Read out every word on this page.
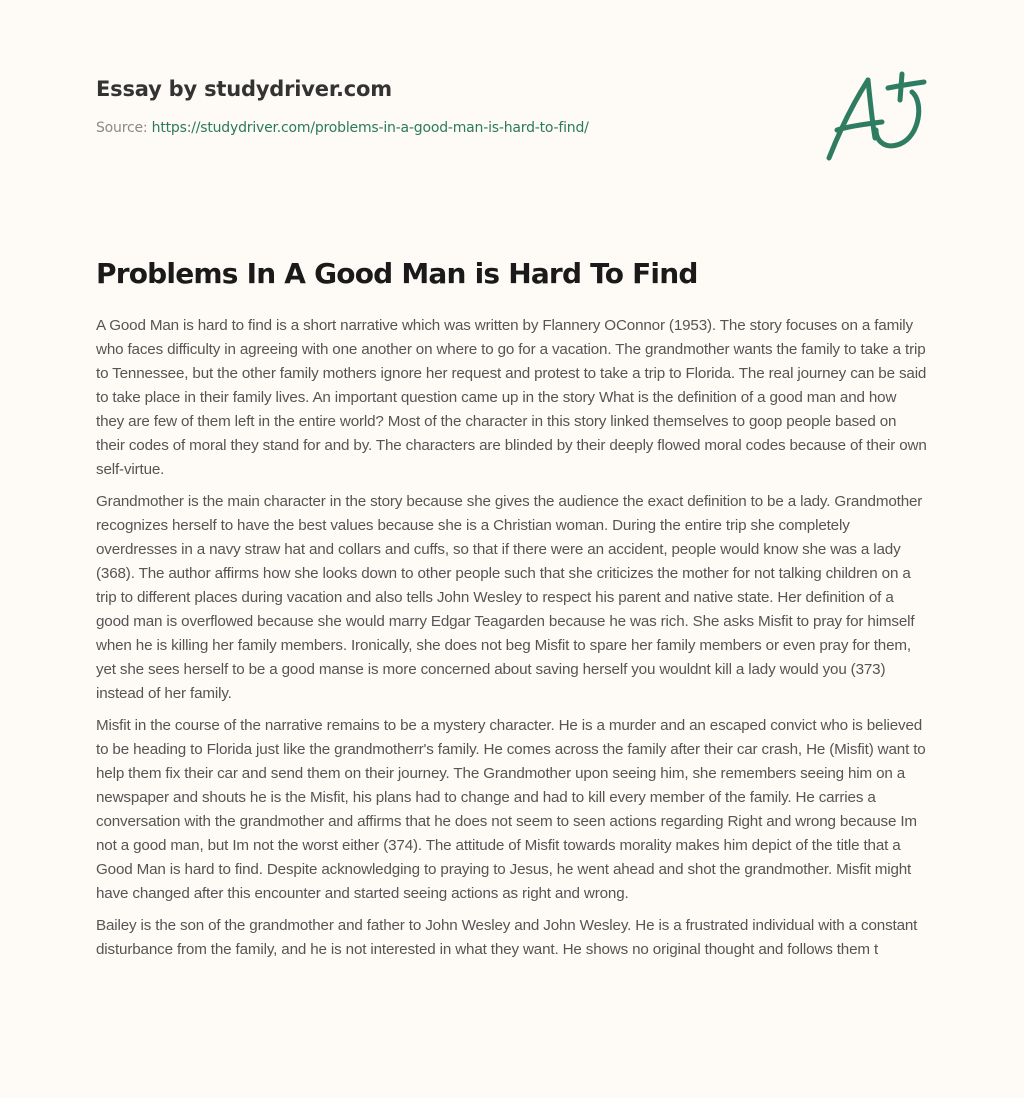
Essay by studydriver.com
Source: https://studydriver.com/problems-in-a-good-man-is-hard-to-find/
Problems In A Good Man is Hard To Find

A Good Man is hard to find is a short narrative which was written by Flannery OConnor (1953). The story focuses on a family who faces difficulty in agreeing with one another on where to go for a vacation. The grandmother wants the family to take a trip to Tennessee, but the other family mothers ignore her request and protest to take a trip to Florida. The real journey can be said to take place in their family lives. An important question came up in the story What is the definition of a good man and how they are few of them left in the entire world? Most of the character in this story linked themselves to goop people based on their codes of moral they stand for and by. The characters are blinded by their deeply flowed moral codes because of their own self-virtue.

Grandmother is the main character in the story because she gives the audience the exact definition to be a lady. Grandmother recognizes herself to have the best values because she is a Christian woman. During the entire trip she completely overdresses in a navy straw hat and collars and cuffs, so that if there were an accident, people would know she was a lady (368). The author affirms how she looks down to other people such that she criticizes the mother for not talking children on a trip to different places during vacation and also tells John Wesley to respect his parent and native state. Her definition of a good man is overflowed because she would marry Edgar Teagarden because he was rich. She asks Misfit to pray for himself when he is killing her family members. Ironically, she does not beg Misfit to spare her family members or even pray for them, yet she sees herself to be a good manse is more concerned about saving herself you wouldnt kill a lady would you (373) instead of her family.

Misfit in the course of the narrative remains to be a mystery character. He is a murder and an escaped convict who is believed to be heading to Florida just like the grandmotherr's family. He comes across the family after their car crash, He (Misfit) want to help them fix their car and send them on their journey. The Grandmother upon seeing him, she remembers seeing him on a newspaper and shouts he is the Misfit, his plans had to change and had to kill every member of the family. He carries a conversation with the grandmother and affirms that he does not seem to seen actions regarding Right and wrong because Im not a good man, but Im not the worst either (374). The attitude of Misfit towards morality makes him depict of the title that a Good Man is hard to find. Despite acknowledging to praying to Jesus, he went ahead and shot the grandmother. Misfit might have changed after this encounter and started seeing actions as right and wrong.

Bailey is the son of the grandmother and father to John Wesley and John Wesley. He is a frustrated individual with a constant disturbance from the family, and he is not interested in what they want. He shows no original thought and follows them t
